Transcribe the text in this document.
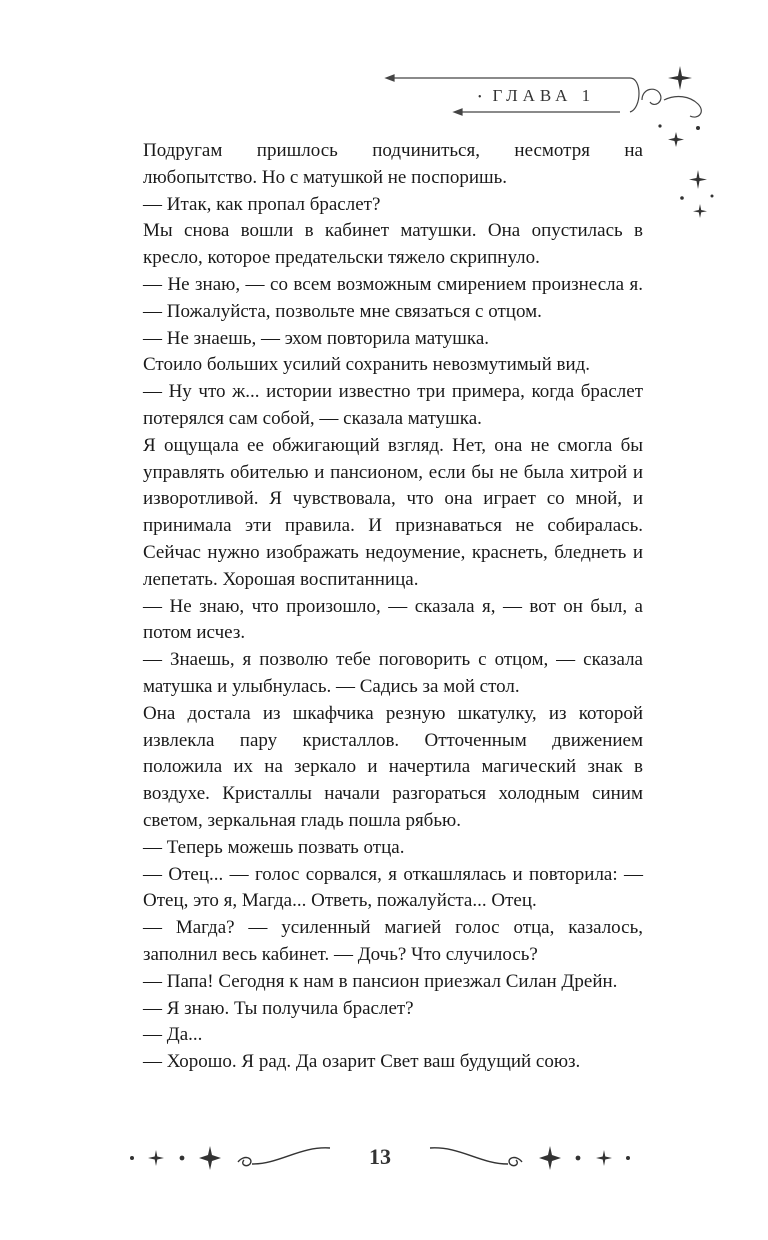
• ГЛАВА 1

Подругам пришлось подчиниться, несмотря на любопытство. Но с матушкой не поспоришь.

— Итак, как пропал браслет?

Мы снова вошли в кабинет матушки. Она опустилась в кресло, которое предательски тяжело скрипнуло.

— Не знаю, — со всем возможным смирением произнесла я. — Пожалуйста, позвольте мне связаться с отцом.

— Не знаешь, — эхом повторила матушка.

Стоило больших усилий сохранить невозмутимый вид.

— Ну что ж... истории известно три примера, когда браслет потерялся сам собой, — сказала матушка.

Я ощущала ее обжигающий взгляд. Нет, она не смогла бы управлять обителью и пансионом, если бы не была хитрой и изворотливой. Я чувствовала, что она играет со мной, и принимала эти правила. И признаваться не собиралась. Сейчас нужно изображать недоумение, краснеть, бледнеть и лепетать. Хорошая воспитанница.

— Не знаю, что произошло, — сказала я, — вот он был, а потом исчез.

— Знаешь, я позволю тебе поговорить с отцом, — сказала матушка и улыбнулась. — Садись за мой стол.

Она достала из шкафчика резную шкатулку, из которой извлекла пару кристаллов. Отточенным движением положила их на зеркало и начертила магический знак в воздухе. Кристаллы начали разгораться холодным синим светом, зеркальная гладь пошла рябью.

— Теперь можешь позвать отца.

— Отец... — голос сорвался, я откашлялась и повторила: — Отец, это я, Магда... Ответь, пожалуйста... Отец.

— Магда? — усиленный магией голос отца, казалось, заполнил весь кабинет. — Дочь? Что случилось?

— Папа! Сегодня к нам в пансион приезжал Силан Дрейн.

— Я знаю. Ты получила браслет?

— Да...

— Хорошо. Я рад. Да озарит Свет ваш будущий союз.

13
